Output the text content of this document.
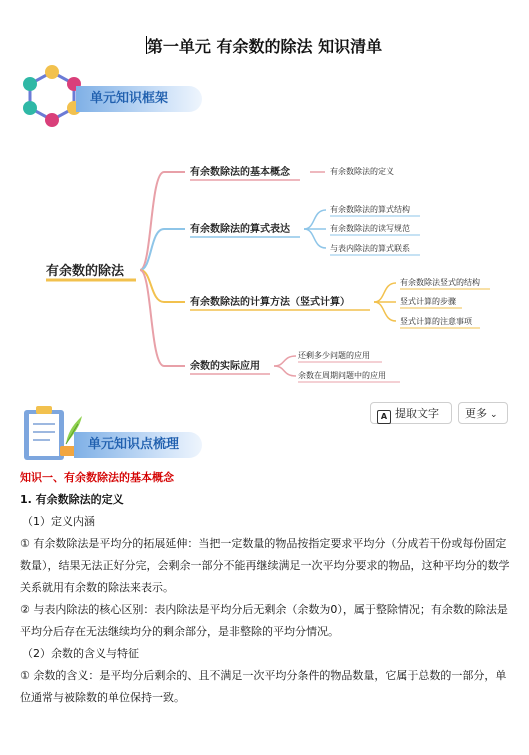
第一单元 有余数的除法 知识清单
单元知识框架
有余数的除法
有余数除法的基本概念	有余数除法的定义
有余数除法的算式表达
有余数除法的算式结构
有余数除法的读写规范
与表内除法的算式联系
有余数除法的计算方法（竖式计算）
有余数除法竖式的结构
竖式计算的步骤
竖式计算的注意事项
余数的实际应用
还剩多少问题的应用
余数在周期问题中的应用
A 提取文字	更多 ⌄
单元知识点梳理
知识一、有余数除法的基本概念
1. 有余数除法的定义

（1）定义内涵

① 有余数除法是平均分的拓展延伸：当把一定数量的物品按指定要求平均分（分成若干份或每份固定数量），结果无法正好分完，会剩余一部分不能再继续满足一次平均分要求的物品，这种平均分的数学关系就用有余数的除法来表示。

② 与表内除法的核心区别：表内除法是平均分后无剩余（余数为0），属于整除情况；有余数的除法是平均分后存在无法继续均分的剩余部分，是非整除的平均分情况。

（2）余数的含义与特征

① 余数的含义：是平均分后剩余的、且不满足一次平均分条件的物品数量，它属于总数的一部分，单位通常与被除数的单位保持一致。
